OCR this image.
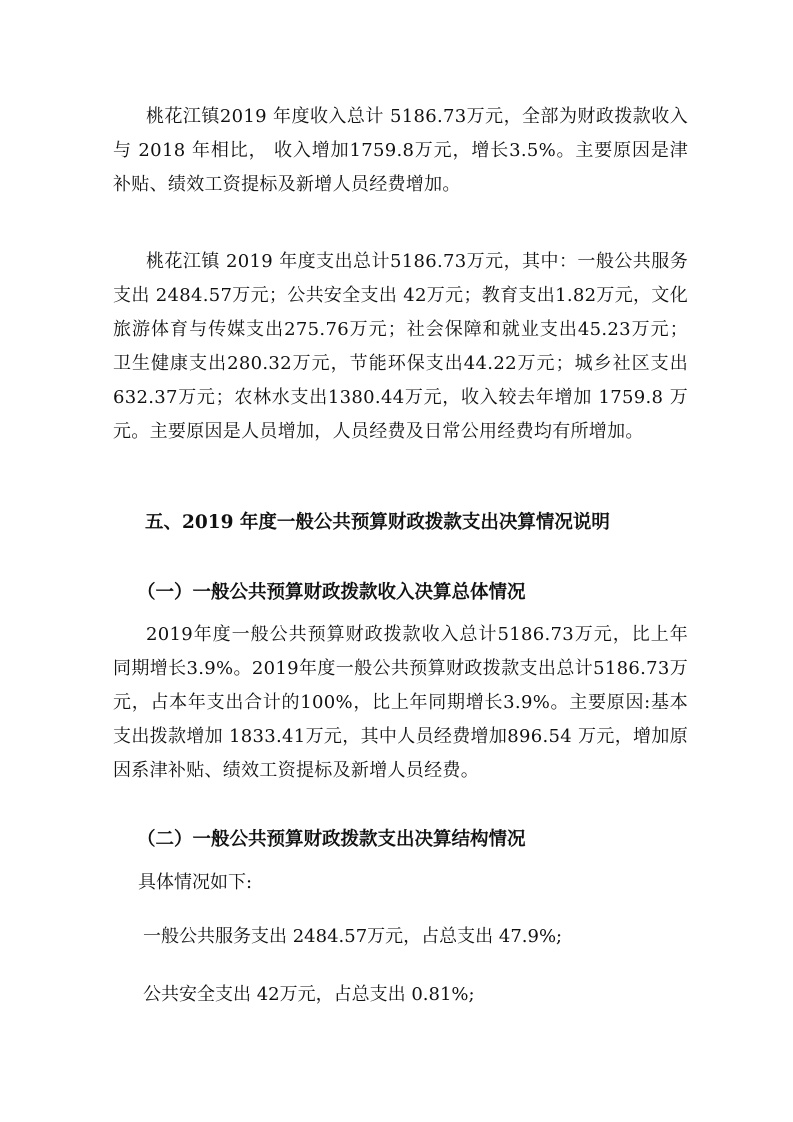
桃花江镇2019 年度收入总计 5186.73万元，全部为财政拨款收入与 2018 年相比， 收入增加1759.8万元，增长3.5%。主要原因是津补贴、绩效工资提标及新增人员经费增加。

桃花江镇 2019 年度支出总计5186.73万元，其中：一般公共服务支出 2484.57万元；公共安全支出 42万元；教育支出1.82万元，文化旅游体育与传媒支出275.76万元；社会保障和就业支出45.23万元；卫生健康支出280.32万元，节能环保支出44.22万元；城乡社区支出632.37万元；农林水支出1380.44万元，收入较去年增加 1759.8 万元。主要原因是人员增加，人员经费及日常公用经费均有所增加。

五、2019 年度一般公共预算财政拨款支出决算情况说明
（一）一般公共预算财政拨款收入决算总体情况

2019年度一般公共预算财政拨款收入总计5186.73万元，比上年同期增长3.9%。2019年度一般公共预算财政拨款支出总计5186.73万元，占本年支出合计的100%，比上年同期增长3.9%。主要原因:基本支出拨款增加 1833.41万元，其中人员经费增加896.54 万元，增加原因系津补贴、绩效工资提标及新增人员经费。

（二）一般公共预算财政拨款支出决算结构情况

具体情况如下:

一般公共服务支出 2484.57万元，占总支出 47.9%;

公共安全支出 42万元，占总支出 0.81%;
